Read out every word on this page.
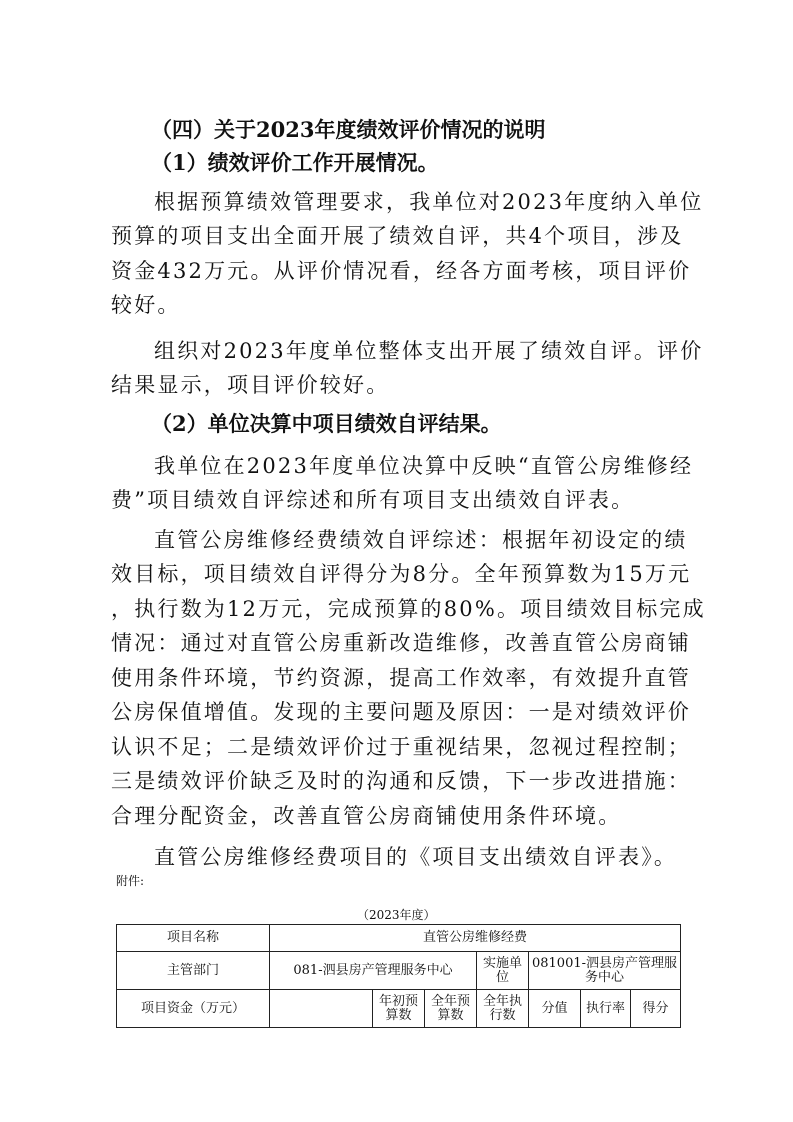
（四）关于2023年度绩效评价情况的说明
（1）绩效评价工作开展情况。
根据预算绩效管理要求，我单位对2023年度纳入单位
预算的项目支出全面开展了绩效自评，共4个项目，涉及
资金432万元。从评价情况看，经各方面考核，项目评价
较好。
组织对2023年度单位整体支出开展了绩效自评。评价
结果显示，项目评价较好。
（2）单位决算中项目绩效自评结果。
我单位在2023年度单位决算中反映“直管公房维修经
费”项目绩效自评综述和所有项目支出绩效自评表。
直管公房维修经费绩效自评综述：根据年初设定的绩
效目标，项目绩效自评得分为8分。全年预算数为15万元
，执行数为12万元，完成预算的80%。项目绩效目标完成
情况：通过对直管公房重新改造维修，改善直管公房商铺
使用条件环境，节约资源，提高工作效率，有效提升直管
公房保值增值。发现的主要问题及原因：一是对绩效评价
认识不足；二是绩效评价过于重视结果，忽视过程控制；
三是绩效评价缺乏及时的沟通和反馈，下一步改进措施：
合理分配资金，改善直管公房商铺使用条件环境。
直管公房维修经费项目的《项目支出绩效自评表》。
附件:
（2023年度）
项目名称	直管公房维修经费						
主管部门	081-泗县房产管理服务中心			实施单位	081001-泗县房产管理服务中心		
项目资金（万元）		年初预算数	全年预算数	全年执行数	分值	执行率	得分
